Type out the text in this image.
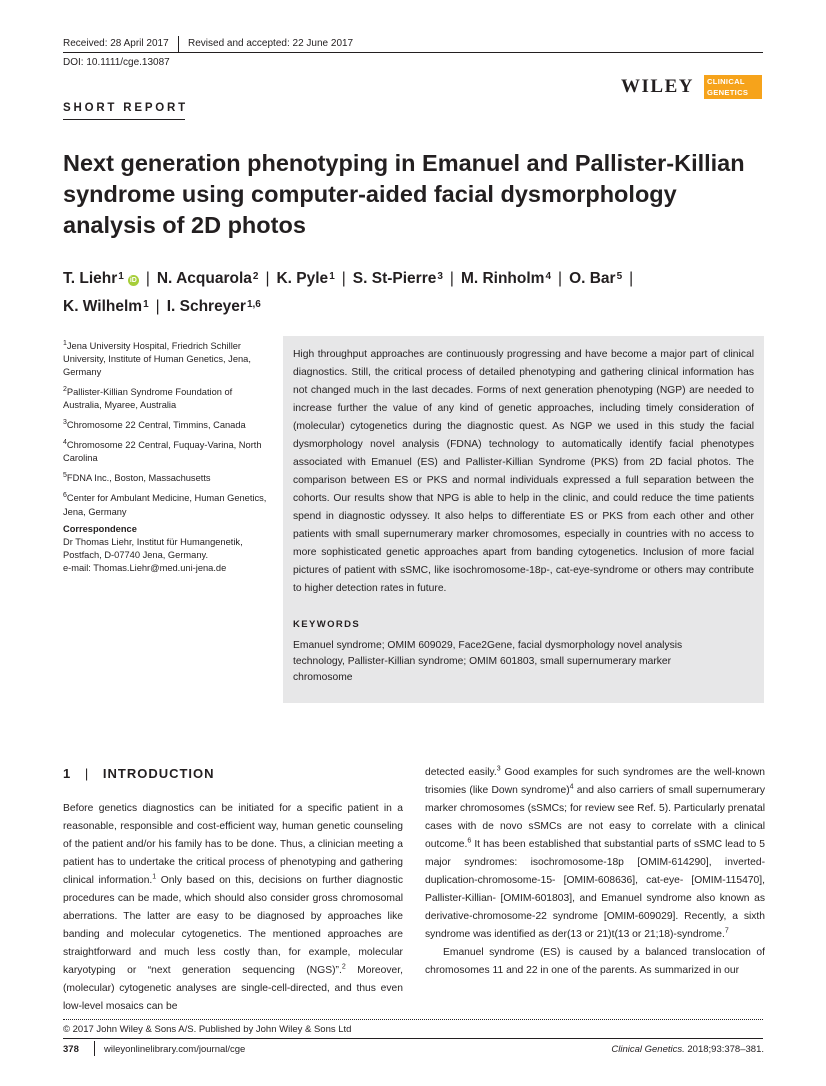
Received: 28 April 2017 Revised and accepted: 22 June 2017
DOI: 10.1111/cge.13087
WILEY CLINICAL
GENETICS
SHORT REPORT
Next generation phenotyping in Emanuel and Pallister-Killian syndrome using computer-aided facial dysmorphology analysis of 2D photos
T. Liehr$^1$ iD | N. Acquarola$^2$ | K. Pyle$^1$ | S. St-Pierre$^3$ | M. Rinholm$^4$ | O. Bar$^5$ |
K. Wilhelm$^1$ | I. Schreyer$^{1,6}$
$^1$Jena University Hospital, Friedrich Schiller University, Institute of Human Genetics, Jena, Germany
$^2$Pallister-Killian Syndrome Foundation of Australia, Myaree, Australia
$^3$Chromosome 22 Central, Timmins, Canada
$^4$Chromosome 22 Central, Fuquay-Varina, North Carolina
$^5$FDNA Inc., Boston, Massachusetts
$^6$Center for Ambulant Medicine, Human Genetics, Jena, Germany
Correspondence
Dr Thomas Liehr, Institut für Humangenetik, Postfach, D-07740 Jena, Germany.
e-mail: Thomas.Liehr@med.uni-jena.de

High throughput approaches are continuously progressing and have become a major part of clinical diagnostics. Still, the critical process of detailed phenotyping and gathering clinical information has not changed much in the last decades. Forms of next generation phenotyping (NGP) are needed to increase further the value of any kind of genetic approaches, including timely consideration of (molecular) cytogenetics during the diagnostic quest. As NGP we used in this study the facial dysmorphology novel analysis (FDNA) technology to automatically identify facial phenotypes associated with Emanuel (ES) and Pallister-Killian Syndrome (PKS) from 2D facial photos. The comparison between ES or PKS and normal individuals expressed a full separation between the cohorts. Our results show that NPG is able to help in the clinic, and could reduce the time patients spend in diagnostic odyssey. It also helps to differentiate ES or PKS from each other and other patients with small supernumerary marker chromosomes, especially in countries with no access to more sophisticated genetic approaches apart from banding cytogenetics. Inclusion of more facial pictures of patient with sSMC, like isochromosome-18p-, cat-eye-syndrome or others may contribute to higher detection rates in future.

KEYWORDS

Emanuel syndrome; OMIM 609029, Face2Gene, facial dysmorphology novel analysis technology, Pallister-Killian syndrome; OMIM 601803, small supernumerary marker chromosome

1 | INTRODUCTION

Before genetics diagnostics can be initiated for a specific patient in a reasonable, responsible and cost-efficient way, human genetic counseling of the patient and/or his family has to be done. Thus, a clinician meeting a patient has to undertake the critical process of phenotyping and gathering clinical information.$^1$ Only based on this, decisions on further diagnostic procedures can be made, which should also consider gross chromosomal aberrations. The latter are easy to be diagnosed by approaches like banding and molecular cytogenetics. The mentioned approaches are straightforward and much less costly than, for example, molecular karyotyping or “next generation sequencing (NGS)”.$^2$ Moreover, (molecular) cytogenetic analyses are single-cell-directed, and thus even low-level mosaics can be

detected easily.$^3$ Good examples for such syndromes are the well-known trisomies (like Down syndrome)$^4$ and also carriers of small supernumerary marker chromosomes (sSMCs; for review see Ref. 5). Particularly prenatal cases with de novo sSMCs are not easy to correlate with a clinical outcome.$^6$ It has been established that substantial parts of sSMC lead to 5 major syndromes: isochromosome-18p [OMIM-614290], inverted-duplication-chromosome-15- [OMIM-608636], cat-eye- [OMIM-115470], Pallister-Killian- [OMIM-601803], and Emanuel syndrome also known as derivative-chromosome-22 syndrome [OMIM-609029]. Recently, a sixth syndrome was identified as der(13 or 21)t(13 or 21;18)-syndrome.$^7$

Emanuel syndrome (ES) is caused by a balanced translocation of chromosomes 11 and 22 in one of the parents. As summarized in our

© 2017 John Wiley & Sons A/S. Published by John Wiley & Sons Ltd
378	wileyonlinelibrary.com/journal/cge	Clinical Genetics. 2018;93:378–381.
